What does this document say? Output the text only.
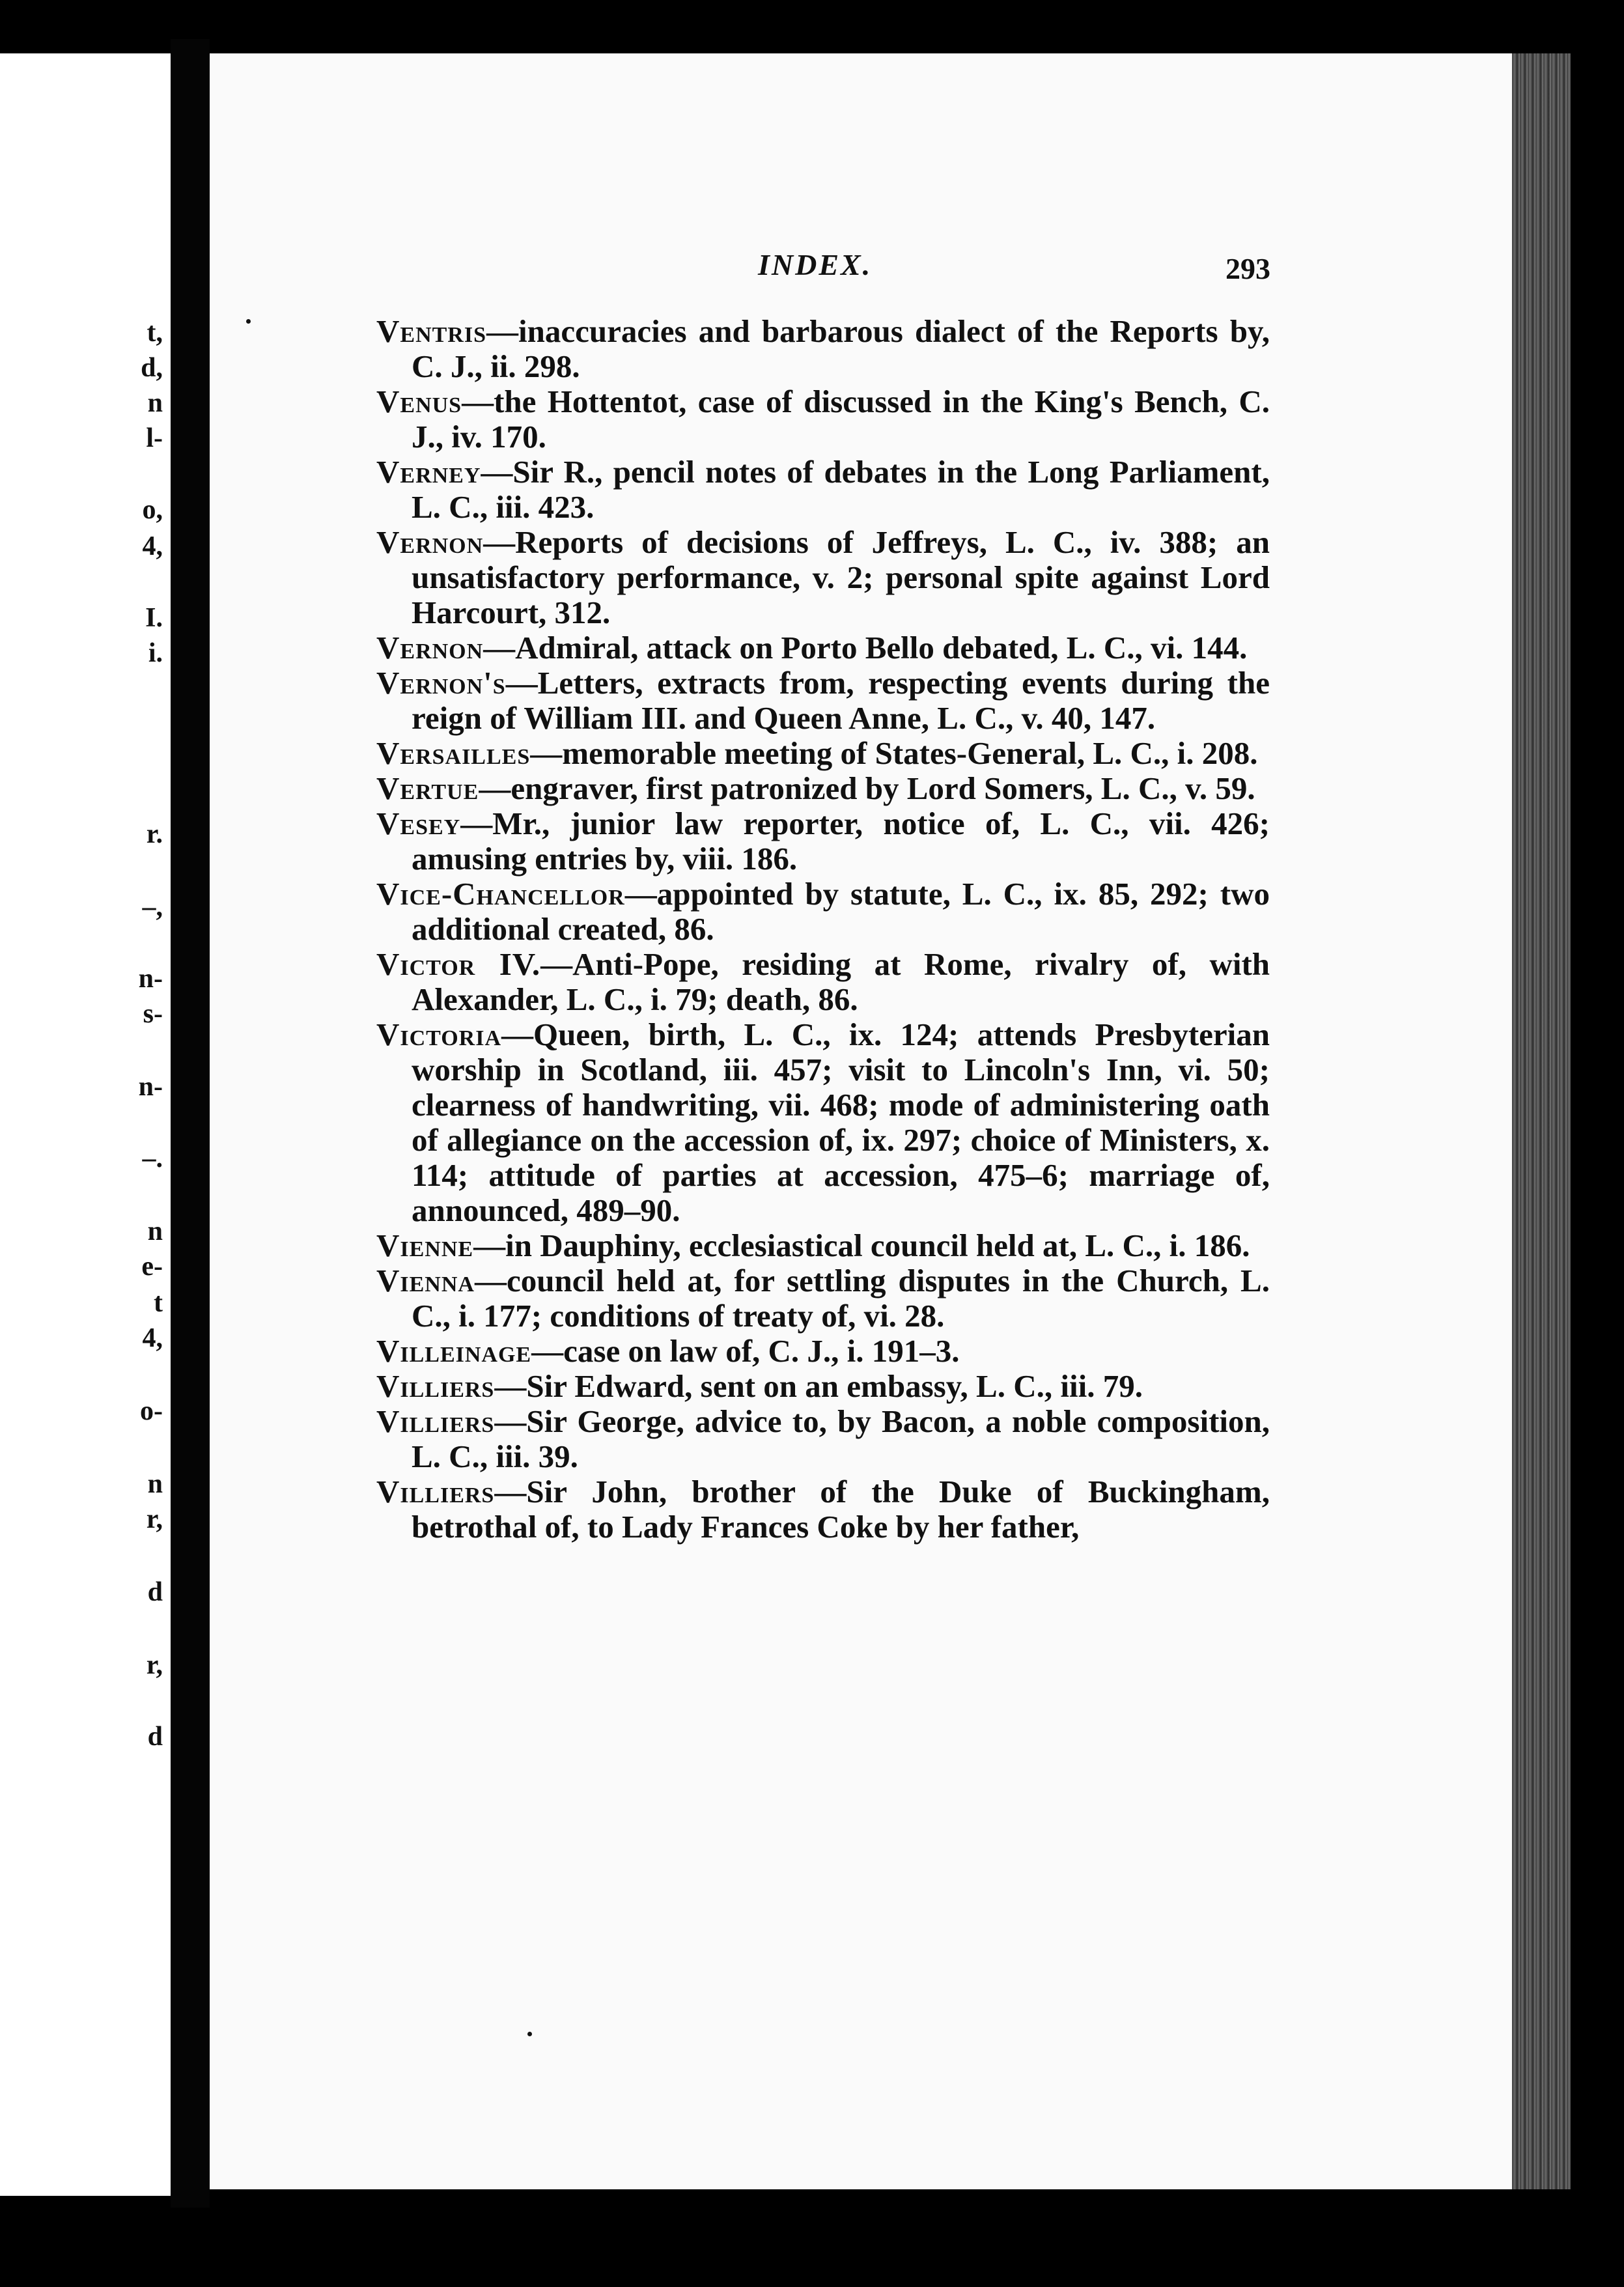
t,
d,
n
l-
o,
4,
I.
i.
r.
–,
n-
s-
n-
–.
n
e-
t
4,
o-
n
r,
d
r,
d
INDEX.	293

Ventris—inaccuracies and barbarous dialect of the Reports by, C. J., ii. 298.

Venus—the Hottentot, case of discussed in the King's Bench, C. J., iv. 170.

Verney—Sir R., pencil notes of debates in the Long Parliament, L. C., iii. 423.

Vernon—Reports of decisions of Jeffreys, L. C., iv. 388; an unsatisfactory performance, v. 2; personal spite against Lord Harcourt, 312.

Vernon—Admiral, attack on Porto Bello debated, L. C., vi. 144.

Vernon's—Letters, extracts from, respecting events during the reign of William III. and Queen Anne, L. C., v. 40, 147.

Versailles—memorable meeting of States-General, L. C., i. 208.

Vertue—engraver, first patronized by Lord Somers, L. C., v. 59.

Vesey—Mr., junior law reporter, notice of, L. C., vii. 426; amusing entries by, viii. 186.

Vice-Chancellor—appointed by statute, L. C., ix. 85, 292; two additional created, 86.

Victor IV.—Anti-Pope, residing at Rome, rivalry of, with Alexander, L. C., i. 79; death, 86.

Victoria—Queen, birth, L. C., ix. 124; attends Presbyterian worship in Scotland, iii. 457; visit to Lincoln's Inn, vi. 50; clearness of handwriting, vii. 468; mode of administering oath of allegiance on the accession of, ix. 297; choice of Ministers, x. 114; attitude of parties at accession, 475–6; marriage of, announced, 489–90.

Vienne—in Dauphiny, ecclesiastical council held at, L. C., i. 186.

Vienna—council held at, for settling disputes in the Church, L. C., i. 177; conditions of treaty of, vi. 28.

Villeinage—case on law of, C. J., i. 191–3.

Villiers—Sir Edward, sent on an embassy, L. C., iii. 79.

Villiers—Sir George, advice to, by Bacon, a noble composition, L. C., iii. 39.

Villiers—Sir John, brother of the Duke of Buckingham, betrothal of, to Lady Frances Coke by her father,
